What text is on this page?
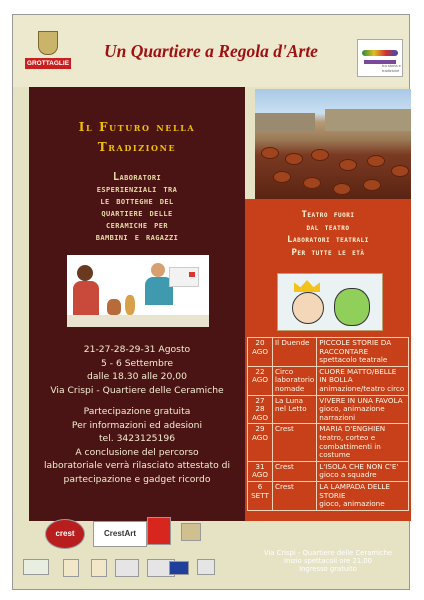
GROTTAGLIE
Un Quartiere a Regola d'Arte
tra storia e tradizione
Il Futuro nella
Tradizione
Laboratori
esperienziali tra
le botteghe del
quartiere delle
ceramiche per
bambini e ragazzi
21-27-28-29-31 Agosto
5 - 6 Settembre
dalle 18.30 alle 20,00
Via Crispi - Quartiere delle Ceramiche
Partecipazione gratuita
Per informazioni ed adesioni
tel. 3423125196
A conclusione del percorso
laboratoriale verrà rilasciato attestato di
partecipazione e gadget ricordo
Teatro fuori
dal teatro
Laboratori teatrali
Per tutte le età
20 AGO	Il Duende	PICCOLE STORIE DA RACCONTARE
spettacolo teatrale

22 AGO	Circo laboratorio nomade	CUORE MATTO/BELLE IN BOLLA
animazione/teatro circo

27 28 AGO	La Luna nel Letto	VIVERE IN UNA FAVOLA
gioco, animazione narrazioni

29 AGO	Crest	MARIA D'ENGHIEN
teatro, corteo e combattimenti in costume

31 AGO	Crest	L'ISOLA CHE NON C'E'
gioco a squadre

6 SETT	Crest	LA LAMPADA DELLE STORIE
gioco, animazione
Via Crispi - Quartiere delle Ceramiche
Inizio spettacoli ore 21,00
Ingresso gratuito
crest	CrestArt
